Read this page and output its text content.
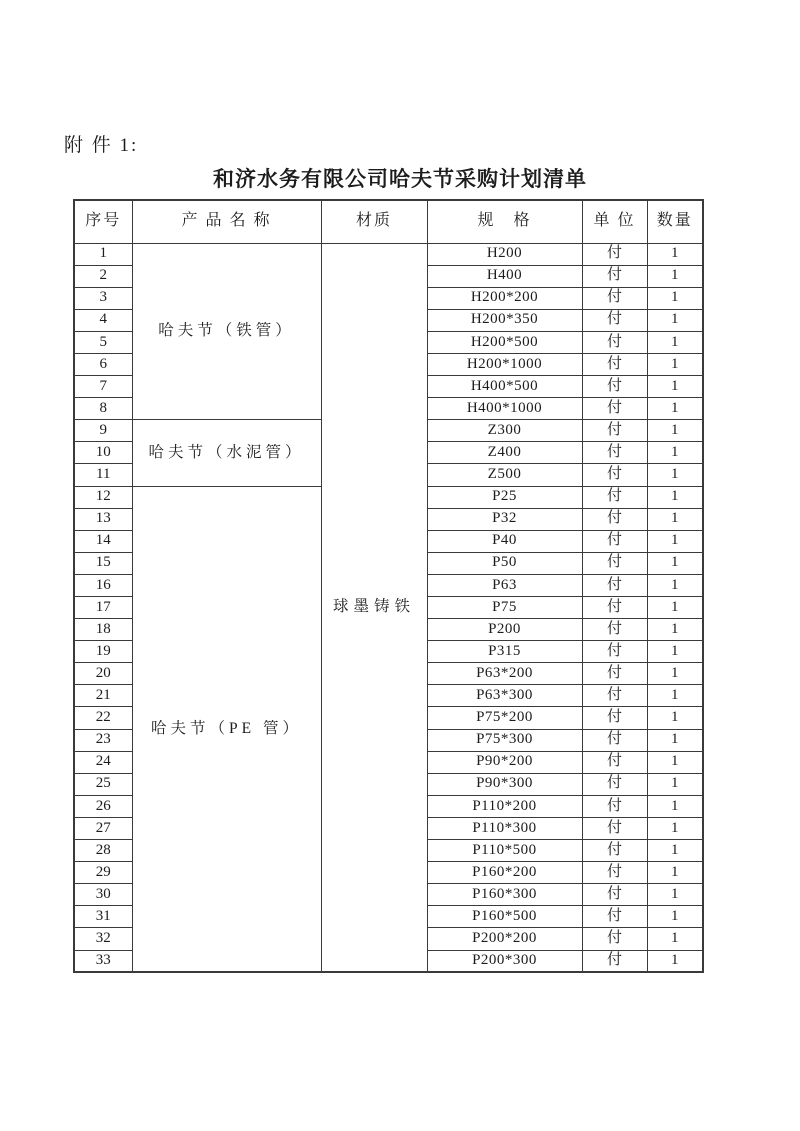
附 件 1:
和济水务有限公司哈夫节采购计划清单
序号	产 品 名 称	材质	规　格	单 位	数量
1	哈夫节（铁管）	球墨铸铁	H200	付	1
2			H400	付	1
3			H200*200	付	1
4			H200*350	付	1
5			H200*500	付	1
6			H200*1000	付	1
7			H400*500	付	1
8			H400*1000	付	1
9	哈夫节（水泥管）		Z300	付	1
10			Z400	付	1
11			Z500	付	1
12	哈夫节（PE 管）		P25	付	1
13			P32	付	1
14			P40	付	1
15			P50	付	1
16			P63	付	1
17			P75	付	1
18			P200	付	1
19			P315	付	1
20			P63*200	付	1
21			P63*300	付	1
22			P75*200	付	1
23			P75*300	付	1
24			P90*200	付	1
25			P90*300	付	1
26			P110*200	付	1
27			P110*300	付	1
28			P110*500	付	1
29			P160*200	付	1
30			P160*300	付	1
31			P160*500	付	1
32			P200*200	付	1
33			P200*300	付	1
